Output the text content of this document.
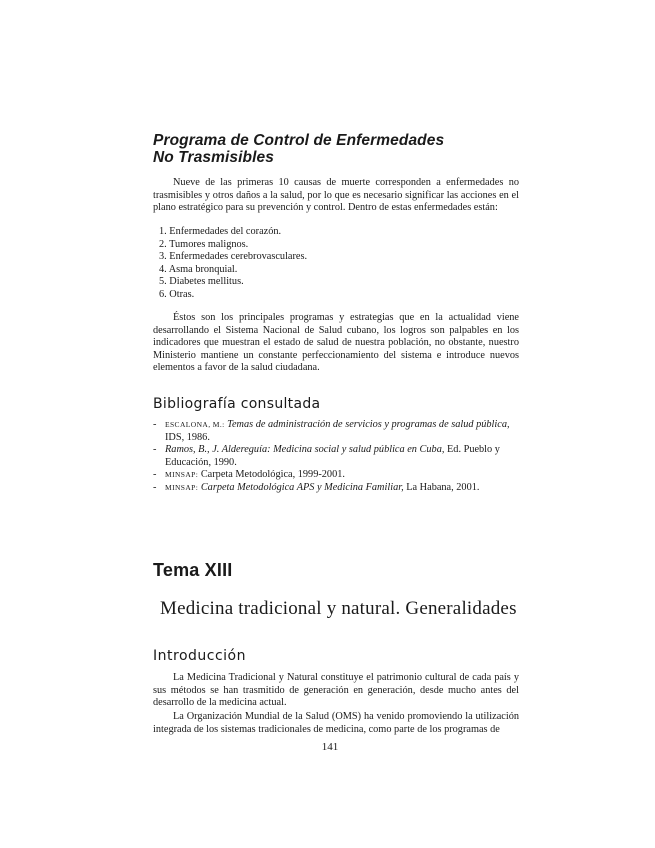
Programa de Control de Enfermedades
No Trasmisibles

Nueve de las primeras 10 causas de muerte corresponden a enfermedades no trasmisibles y otros daños a la salud, por lo que es necesario significar las acciones en el plano estratégico para su prevención y control. Dentro de estas enfermedades están:

1. Enfermedades del corazón.
2. Tumores malignos.
3. Enfermedades cerebrovasculares.
4. Asma bronquial.
5. Diabetes mellitus.
6. Otras.

Éstos son los principales programas y estrategias que en la actualidad viene desarrollando el Sistema Nacional de Salud cubano, los logros son palpables en los indicadores que muestran el estado de salud de nuestra población, no obstante, nuestro Ministerio mantiene un constante perfeccionamiento del sistema e introduce nuevos elementos a favor de la salud ciudadana.

Bibliografía consultada
- ESCALONA, M.: Temas de administración de servicios y programas de salud pública, IDS, 1986.
- Ramos, B., J. Aldereguía: Medicina social y salud pública en Cuba, Ed. Pueblo y Educación, 1990.
- MINSAP: Carpeta Metodológica, 1999-2001.
- MINSAP: Carpeta Metodológica APS y Medicina Familiar, La Habana, 2001.
Tema XIII
Medicina tradicional y natural. Generalidades
Introducción

La Medicina Tradicional y Natural constituye el patrimonio cultural de cada país y sus métodos se han trasmitido de generación en generación, desde mucho antes del desarrollo de la medicina actual.

La Organización Mundial de la Salud (OMS) ha venido promoviendo la utilización integrada de los sistemas tradicionales de medicina, como parte de los programas de

141
